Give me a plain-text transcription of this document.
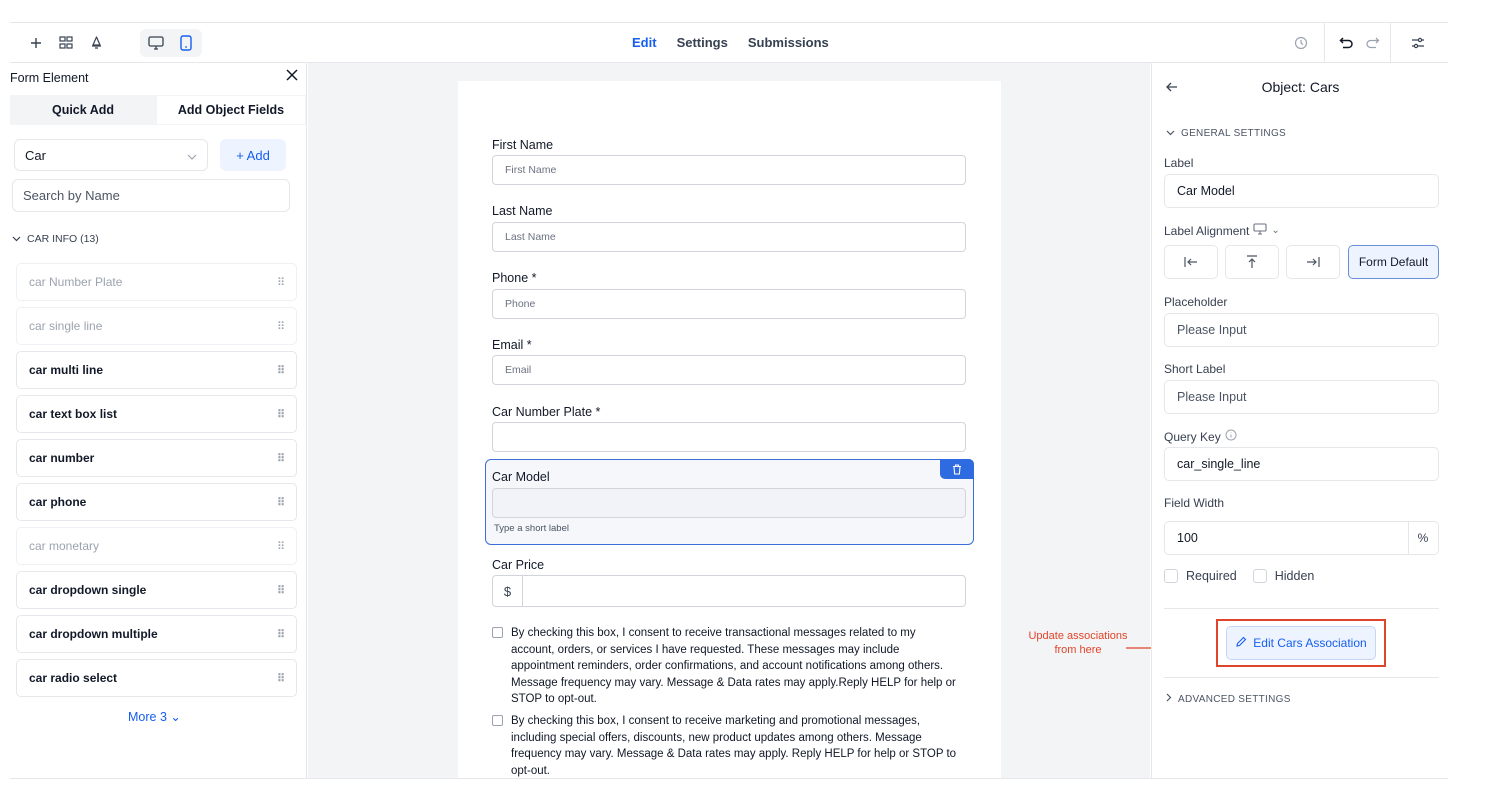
Edit Settings Submissions
Form Element
Quick Add	Add Object Fields
Car	+ Add
Search by Name
CAR INFO (13)
car Number Plate	⠿
car single line	⠿
car multi line	⠿
car text box list	⠿
car number	⠿
car phone	⠿
car monetary	⠿
car dropdown single	⠿
car dropdown multiple	⠿
car radio select	⠿
More 3 ⌄
First Name
First Name
Last Name
Last Name
Phone *
Phone
Email *
Email
Car Number Plate *
Car Model
Type a short label
Car Price
$
By checking this box, I consent to receive transactional messages related to my account, orders, or services I have requested. These messages may include appointment reminders, order confirmations, and account notifications among others. Message frequency may vary. Message & Data rates may apply.Reply HELP for help or STOP to opt-out.
By checking this box, I consent to receive marketing and promotional messages, including special offers, discounts, new product updates among others. Message frequency may vary. Message & Data rates may apply. Reply HELP for help or STOP to opt-out.
Update associations
from here
Object: Cars
GENERAL SETTINGS
Label
Car Model
Label Alignment ⌄
Form Default
Placeholder
Please Input
Short Label
Please Input
Query Key
car_single_line
Field Width
100	%
Required	Hidden
Edit Cars Association
ADVANCED SETTINGS
